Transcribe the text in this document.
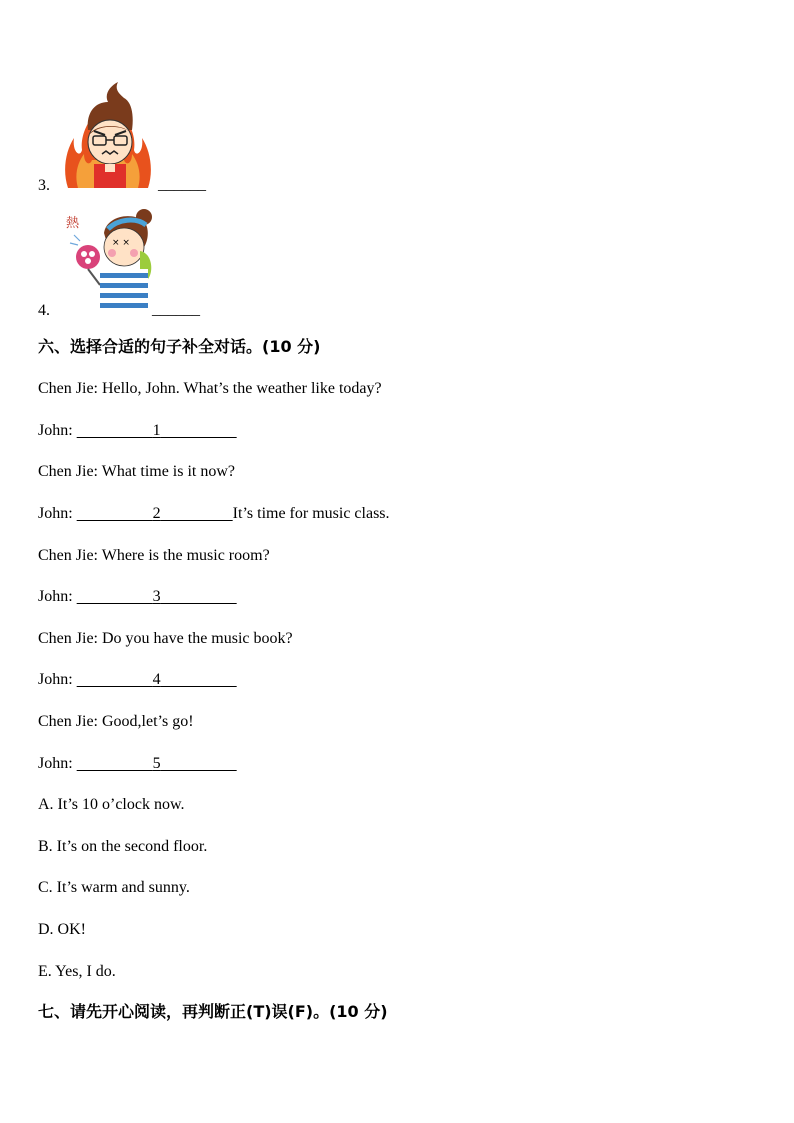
3.	______
熱
× ×
4.	______
六、选择合适的句子补全对话。(10 分)
Chen Jie: Hello, John. What’s the weather like today?
John:	1
Chen Jie: What time is it now?
John:	2	It’s time for music class.
Chen Jie: Where is the music room?
John:	3
Chen Jie: Do you have the music book?
John:	4
Chen Jie: Good,let’s go!
John:	5
A. It’s 10 o’clock now.
B. It’s on the second floor.
C. It’s warm and sunny.
D. OK!
E. Yes, I do.
七、请先开心阅读，再判断正(T)误(F)。(10 分)
